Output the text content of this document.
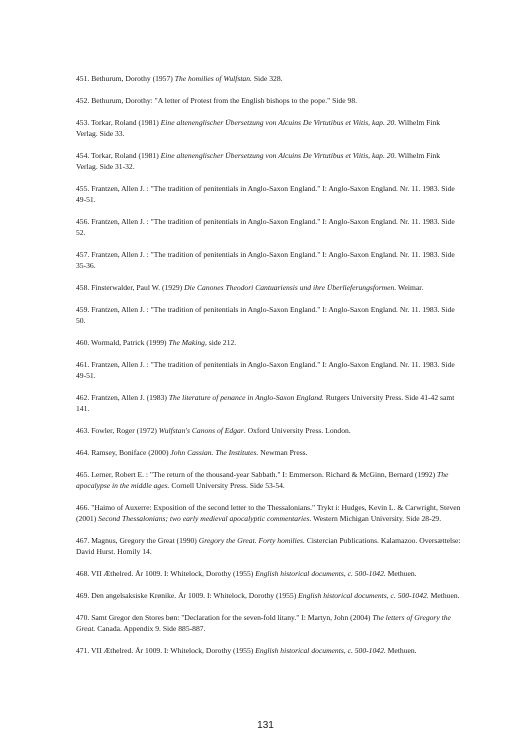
451. Bethurum, Dorothy (1957) The homilies of Wulfstan. Side 328.

452. Bethurum, Dorothy: "A letter of Protest from the English bishops to the pope." Side 98.

453. Torkar, Roland (1981) Eine altenenglischer Übersetzung von Alcuins De Virtutibus et Viitis, kap. 20. Wilhelm Fink Verlag. Side 33.

454. Torkar, Roland (1981) Eine altenenglischer Übersetzung von Alcuins De Virtutibus et Viitis, kap. 20. Wilhelm Fink Verlag. Side 31-32.

455. Frantzen, Allen J. : "The tradition of penitentials in Anglo-Saxon England." I: Anglo-Saxon England. Nr. 11. 1983. Side 49-51.

456. Frantzen, Allen J. : "The tradition of penitentials in Anglo-Saxon England." I: Anglo-Saxon England. Nr. 11. 1983. Side 52.

457. Frantzen, Allen J. : "The tradition of penitentials in Anglo-Saxon England." I: Anglo-Saxon England. Nr. 11. 1983. Side 35-36.

458. Finsterwalder, Paul W. (1929) Die Canones Theodori Cantuariensis und ihre Überlieferungsformen. Weimar.

459. Frantzen, Allen J. : "The tradition of penitentials in Anglo-Saxon England." I: Anglo-Saxon England. Nr. 11. 1983. Side 50.

460. Wormald, Patrick (1999) The Making, side 212.

461. Frantzen, Allen J. : "The tradition of penitentials in Anglo-Saxon England." I: Anglo-Saxon England. Nr. 11. 1983. Side 49-51.

462. Frantzen, Allen J. (1983) The literature of penance in Anglo-Saxon England. Rutgers University Press. Side 41-42 samt 141.

463. Fowler, Roger (1972) Wulfstan's Canons of Edgar. Oxford University Press. London.

464. Ramsey, Boniface (2000) John Cassian. The Institutes. Newman Press.

465. Lerner, Robert E. : "The return of the thousand-year Sabbath." I: Emmerson. Richard & McGinn, Bernard (1992) The apocalypse in the middle ages. Cornell University Press. Side 53-54.

466. "Haimo of Auxerre: Exposition of the second letter to the Thessalonians." Trykt i: Hudges, Kevin L. & Carwright, Steven (2001) Second Thessalonians; two early medieval apocalyptic commentaries. Western Michigan University. Side 28-29.

467. Magnus, Gregory the Great (1990) Gregory the Great. Forty homilies. Cistercian Publications. Kalamazoo. Oversættelse: David Hurst. Homily 14.

468. VII Æthelred. År 1009. I: Whitelock, Dorothy (1955) English historical documents, c. 500-1042. Methuen.

469. Den angelsaksiske Krønike. År 1009. I: Whitelock, Dorothy (1955) English historical documents, c. 500-1042. Methuen.

470. Samt Gregor den Stores bøn: "Declaration for the seven-fold litany." I: Martyn, John (2004) The letters of Gregory the Great. Canada. Appendix 9. Side 885-887.

471. VII Æthelred. År 1009. I: Whitelock, Dorothy (1955) English historical documents, c. 500-1042. Methuen.

131
